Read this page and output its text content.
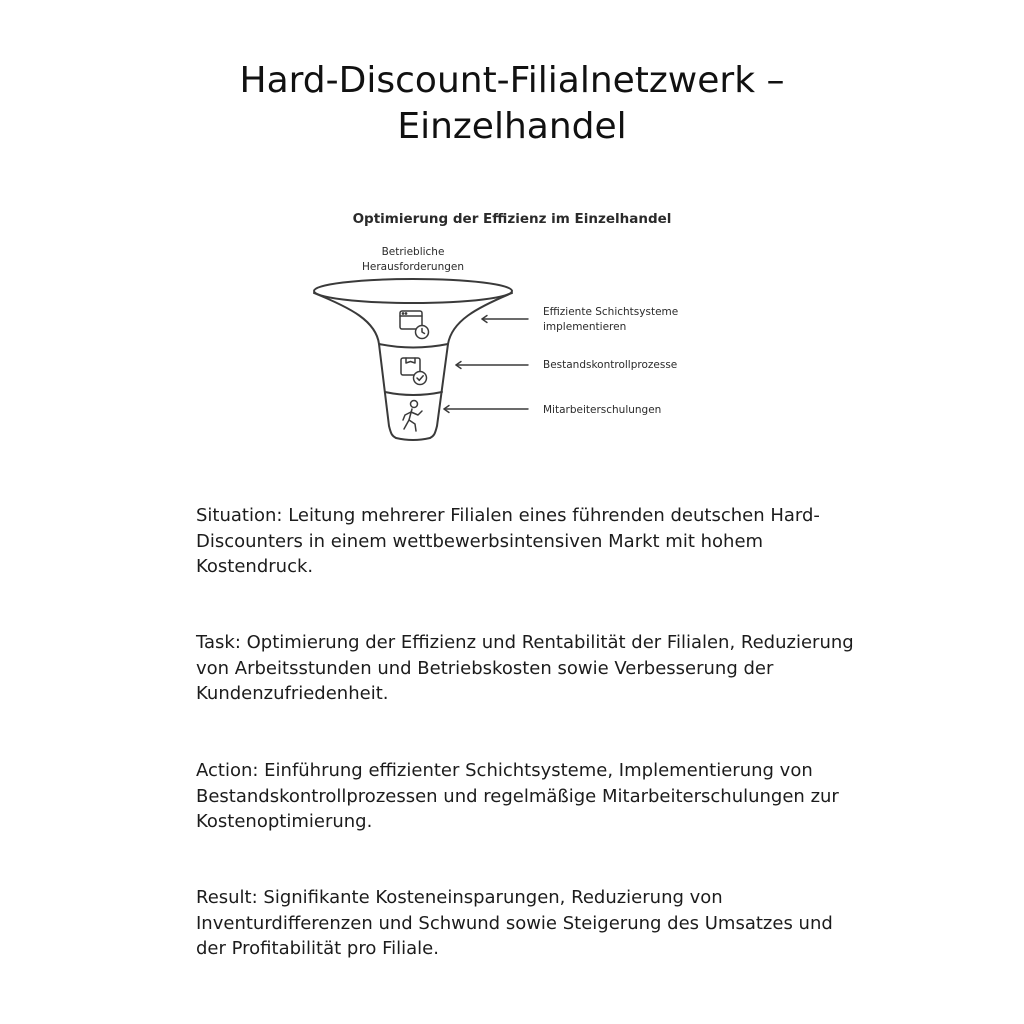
Hard-Discount-Filialnetzwerk –
Einzelhandel
Optimierung der Effizienz im Einzelhandel
Betriebliche
Herausforderungen
Effiziente Schichtsysteme
implementieren
Bestandskontrollprozesse
Mitarbeiterschulungen

Situation: Leitung mehrerer Filialen eines führenden deutschen Hard-Discounters in einem wettbewerbsintensiven Markt mit hohem Kostendruck.

Task: Optimierung der Effizienz und Rentabilität der Filialen, Reduzierung von Arbeitsstunden und Betriebskosten sowie Verbesserung der Kundenzufriedenheit.

Action: Einführung effizienter Schichtsysteme, Implementierung von Bestandskontrollprozessen und regelmäßige Mitarbeiterschulungen zur Kostenoptimierung.

Result: Signifikante Kosteneinsparungen, Reduzierung von Inventurdifferenzen und Schwund sowie Steigerung des Umsatzes und der Profitabilität pro Filiale.
